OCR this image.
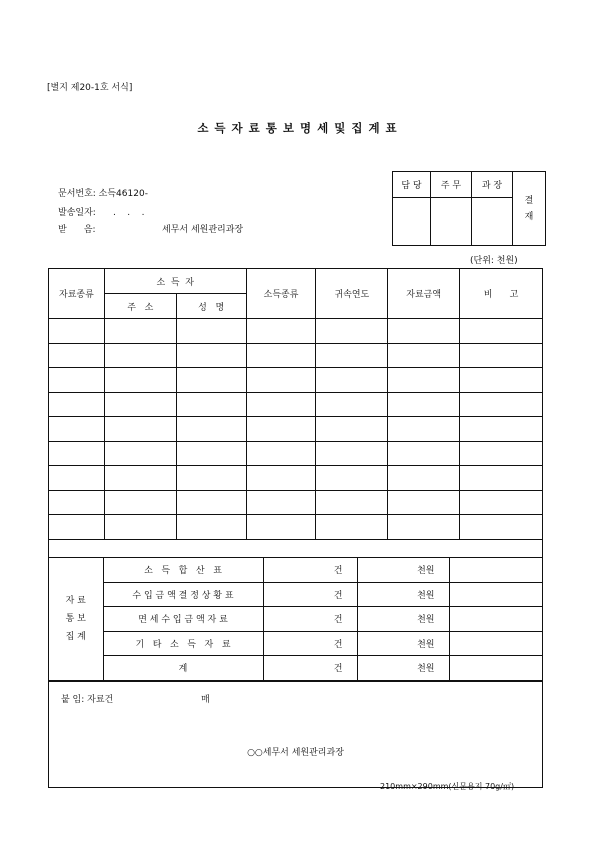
[별지 제20-1호 서식]
소 득 자 료 통 보 명 세 및 집 계 표
문서번호: 소득46120-
발송일자:      .    .    .
받      음:	세무서 세원관리과장
담 당	주 무	과 장	결
재

(단위: 천원)
자료종류	소  득  자	소득종류	귀속연도	자료금액	비      고
주   소	성   명

자 료
통 보
집 계	소   득   합   산   표	건	천원	
수 입 금 액 결 정 상 황 표	건	천원	
면 세 수 입 금 액 자 료	건	천원	
기   타   소   득   자   료	건	천원	
계	건	천원	

붙 임: 자료건	매
○○세무서 세원관리과장
210mm×290mm(신문용지 70g/㎡)
